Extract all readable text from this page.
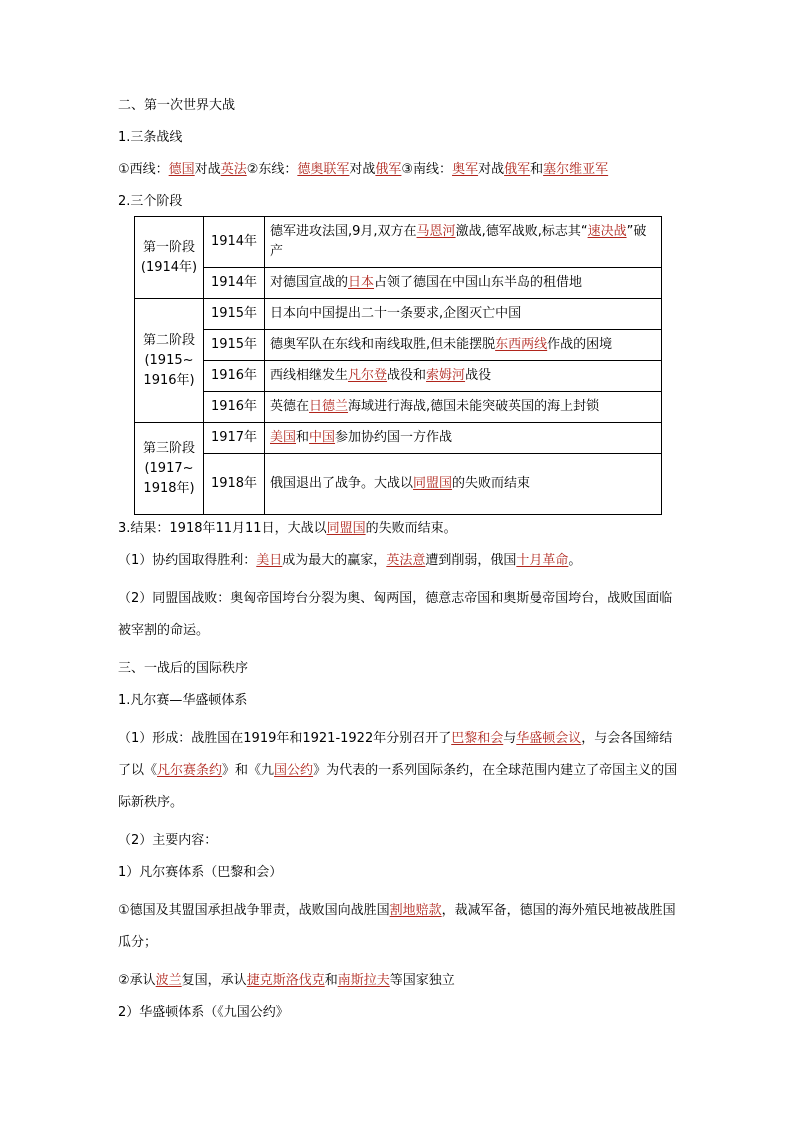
二、第一次世界大战

1.三条战线

①西线：德国对战英法②东线：德奥联军对战俄军③南线：奥军对战俄军和塞尔维亚军

2.三个阶段

第一阶段
(1914年)	1914年	德军进攻法国,9月,双方在马恩河激战,德军战败,标志其“速决战”破产
	1914年	对德国宣战的日本占领了德国在中国山东半岛的租借地

第二阶段
(1915~
1916年)	1915年	日本向中国提出二十一条要求,企图灭亡中国
	1915年	德奥军队在东线和南线取胜,但未能摆脱东西两线作战的困境
	1916年	西线相继发生凡尔登战役和索姆河战役
	1916年	英德在日德兰海域进行海战,德国未能突破英国的海上封锁

第三阶段
(1917~
1918年)	1917年	美国和中国参加协约国一方作战
	1918年	俄国退出了战争。大战以同盟国的失败而结束

3.结果：1918年11月11日，大战以同盟国的失败而结束。

（1）协约国取得胜利：美日成为最大的赢家，英法意遭到削弱，俄国十月革命。

（2）同盟国战败：奥匈帝国垮台分裂为奥、匈两国，德意志帝国和奥斯曼帝国垮台，战败国面临被宰割的命运。

三、一战后的国际秩序

1.凡尔赛—华盛顿体系

（1）形成：战胜国在1919年和1921-1922年分别召开了巴黎和会与华盛顿会议，与会各国缔结了以《凡尔赛条约》和《九国公约》为代表的一系列国际条约，在全球范围内建立了帝国主义的国际新秩序。

（2）主要内容：

1）凡尔赛体系（巴黎和会）

①德国及其盟国承担战争罪责，战败国向战胜国割地赔款，裁减军备，德国的海外殖民地被战胜国瓜分；

②承认波兰复国，承认捷克斯洛伐克和南斯拉夫等国家独立

2）华盛顿体系（《九国公约》
